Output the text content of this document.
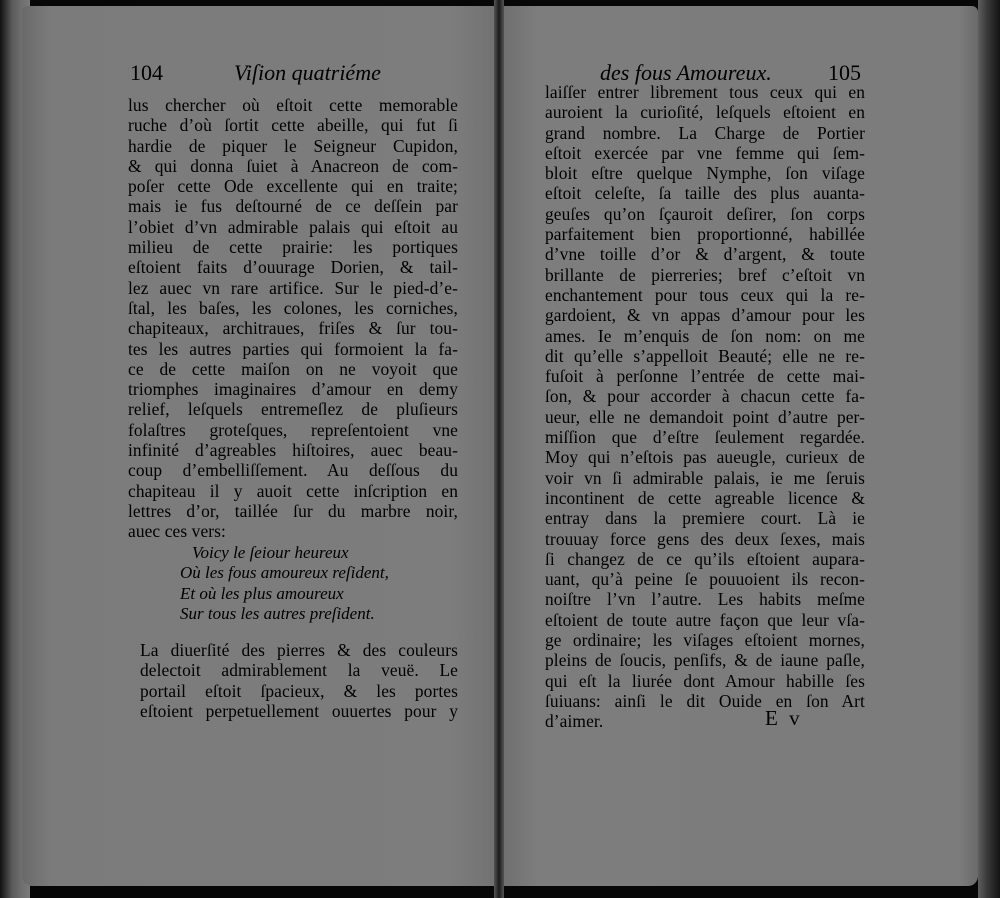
104	Viſion quatriéme
lus chercher où eſtoit cette memorable
ruche d’où ſortit cette abeille, qui fut ſi
hardie de piquer le Seigneur Cupidon,
& qui donna ſuiet à Anacreon de com-
poſer cette Ode excellente qui en traite;
mais ie fus deſtourné de ce deſſein par
l’obiet d’vn admirable palais qui eſtoit au
milieu de cette prairie: les portiques
eſtoient faits d’ouurage Dorien, & tail-
lez auec vn rare artifice. Sur le pied-d’e-
ſtal, les baſes, les colones, les corniches,
chapiteaux, architraues, friſes & ſur tou-
tes les autres parties qui formoient la fa-
ce de cette maiſon on ne voyoit que
triomphes imaginaires d’amour en demy
relief, leſquels entremeſlez de pluſieurs
folaſtres groteſques, repreſentoient vne
infinité d’agreables hiſtoires, auec beau-
coup d’embelliſſement. Au deſſous du
chapiteau il y auoit cette inſcription en
lettres d’or, taillée ſur du marbre noir,
auec ces vers:
Voicy le ſeiour heureux
Où les fous amoureux reſident,
Et où les plus amoureux
Sur tous les autres preſident.
La diuerſité des pierres & des couleurs
delectoit admirablement la veuë. Le
portail eſtoit ſpacieux, & les portes
eſtoient perpetuellement ouuertes pour y
des fous Amoureux.	105
laiſſer entrer librement tous ceux qui en
auroient la curioſité, leſquels eſtoient en
grand nombre. La Charge de Portier
eſtoit exercée par vne femme qui ſem-
bloit eſtre quelque Nymphe, ſon viſage
eſtoit celeſte, ſa taille des plus auanta-
geuſes qu’on ſçauroit deſirer, ſon corps
parfaitement bien proportionné, habillée
d’vne toille d’or & d’argent, & toute
brillante de pierreries; bref c’eſtoit vn
enchantement pour tous ceux qui la re-
gardoient, & vn appas d’amour pour les
ames. Ie m’enquis de ſon nom: on me
dit qu’elle s’appelloit Beauté; elle ne re-
fuſoit à perſonne l’entrée de cette mai-
ſon, & pour accorder à chacun cette fa-
ueur, elle ne demandoit point d’autre per-
miſſion que d’eſtre ſeulement regardée.
Moy qui n’eſtois pas aueugle, curieux de
voir vn ſi admirable palais, ie me ſeruis
incontinent de cette agreable licence &
entray dans la premiere court. Là ie
trouuay force gens des deux ſexes, mais
ſi changez de ce qu’ils eſtoient aupara-
uant, qu’à peine ſe pouuoient ils recon-
noiſtre l’vn l’autre. Les habits meſme
eſtoient de toute autre façon que leur vſa-
ge ordinaire; les viſages eſtoient mornes,
pleins de ſoucis, penſifs, & de iaune paſle,
qui eſt la liurée dont Amour habille ſes
ſuiuans: ainſi le dit Ouide en ſon Art
d’aimer.	E v
